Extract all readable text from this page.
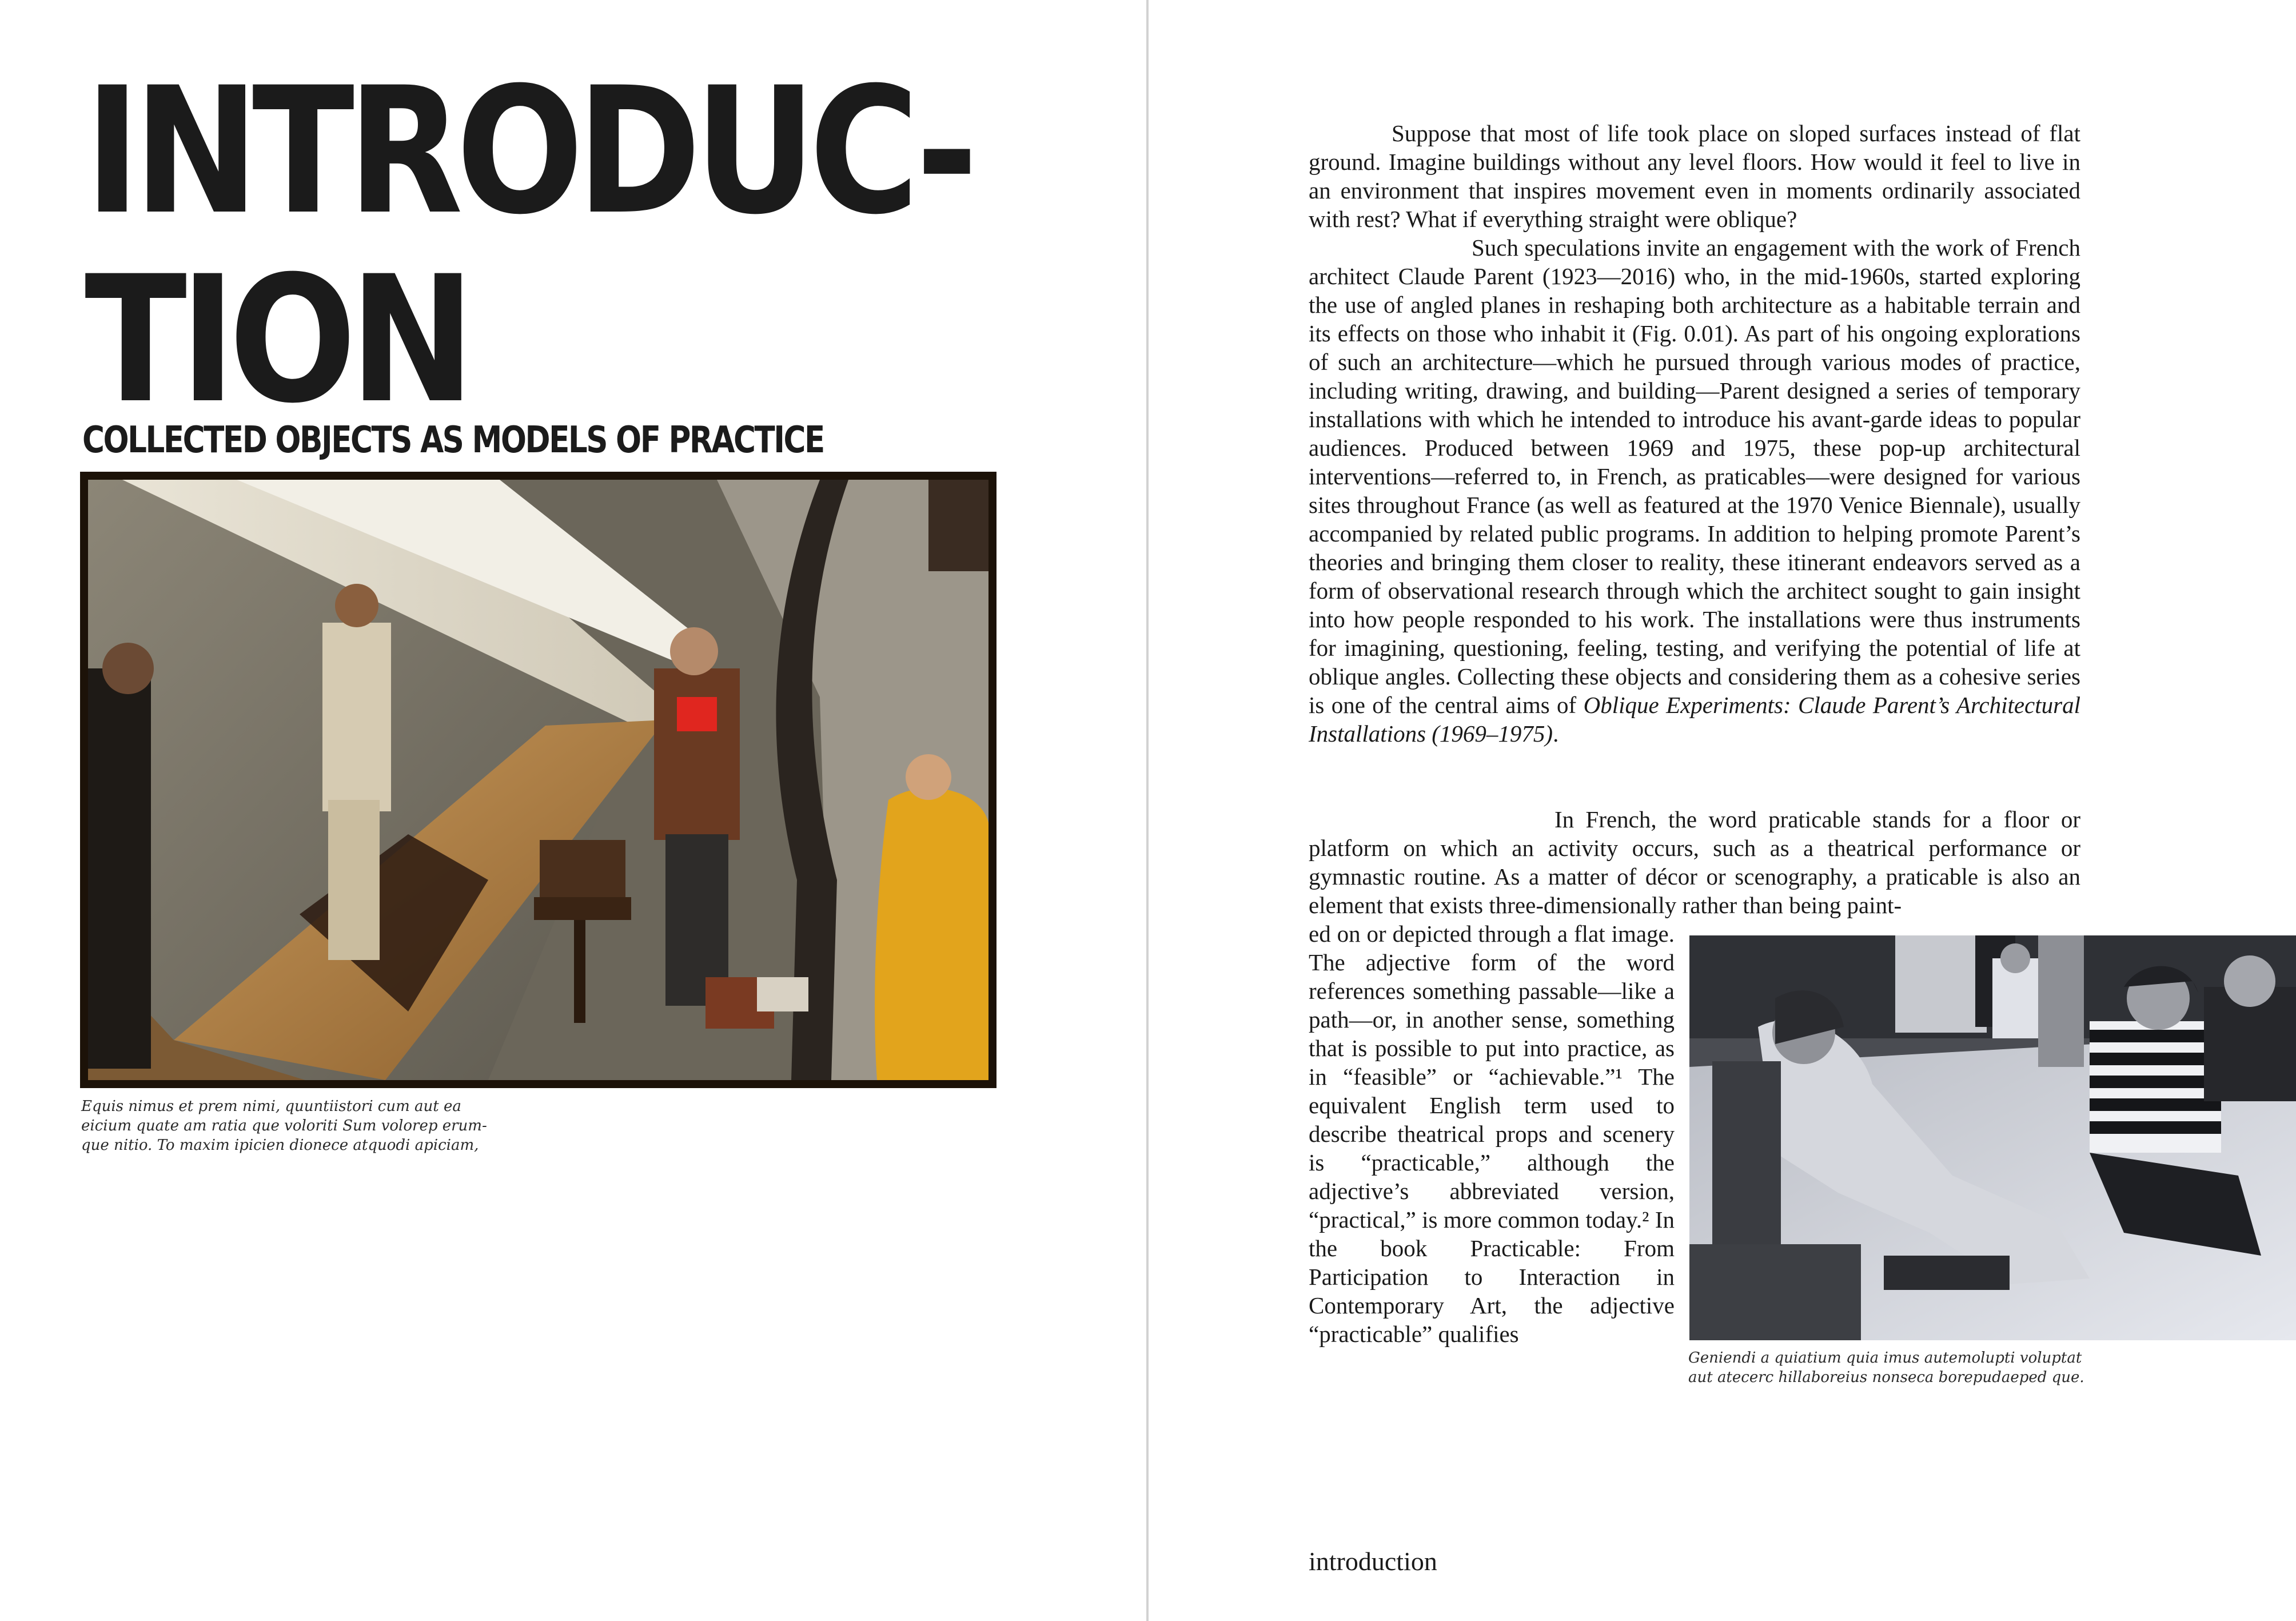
INTRODUC-
TION
COLLECTED OBJECTS AS MODELS OF PRACTICE

Equis nimus et prem nimi, quuntiistori cum aut ea
eicium quate am ratia que voloriti Sum volorep erum-
que nitio. To maxim ipicien dionece atquodi apiciam,

Suppose that most of life took place on sloped surfaces instead of flat ground. Imagine buildings without any level floors. How would it feel to live in an environment that inspires movement even in moments ordinarily associated with rest? What if everything straight were oblique?

Such speculations invite an engagement with the work of French architect Claude Parent (1923—2016) who, in the mid-1960s, started exploring the use of angled planes in reshaping both architecture as a habitable terrain and its effects on those who inhabit it (Fig. 0.01). As part of his ongoing explorations of such an architecture—which he pursued through various modes of practice, including writing, drawing, and building—Parent designed a series of temporary installations with which he intended to introduce his avant-garde ideas to popular audiences. Produced between 1969 and 1975, these pop-up architectural interventions—referred to, in French, as praticables—were designed for various sites throughout France (as well as featured at the 1970 Venice Biennale), usually accompanied by related public programs. In addition to helping promote Parent’s theories and bringing them closer to reality, these itinerant endeavors served as a form of observational research through which the architect sought to gain insight into how people responded to his work. The installations were thus instruments for imagining, questioning, feeling, testing, and verifying the potential of life at oblique angles. Collecting these objects and considering them as a cohesive series is one of the central aims of Oblique Experiments: Claude Parent’s Architectural Installations (1969–1975).

In French, the word praticable stands for a floor or platform on which an activity occurs, such as a theatrical performance or gymnastic routine. As a matter of décor or scenography, a praticable is also an element that exists three-dimensionally rather than being paint-

ed on or depicted through a flat image. The adjective form of the word references something passable—like a path—or, in another sense, something that is possible to put into practice, as in “feasible” or “achievable.”¹ The equivalent English term used to describe theatrical props and scenery is “practicable,” although the adjective’s abbreviated version, “practical,” is more common today.² In the book Practicable: From Participation to Interaction in Contemporary Art, the adjective “practicable” qualifies

Geniendi a quiatium quia imus autemolupti voluptat
aut atecerc hillaboreius nonseca borepudaeped que.

introduction
